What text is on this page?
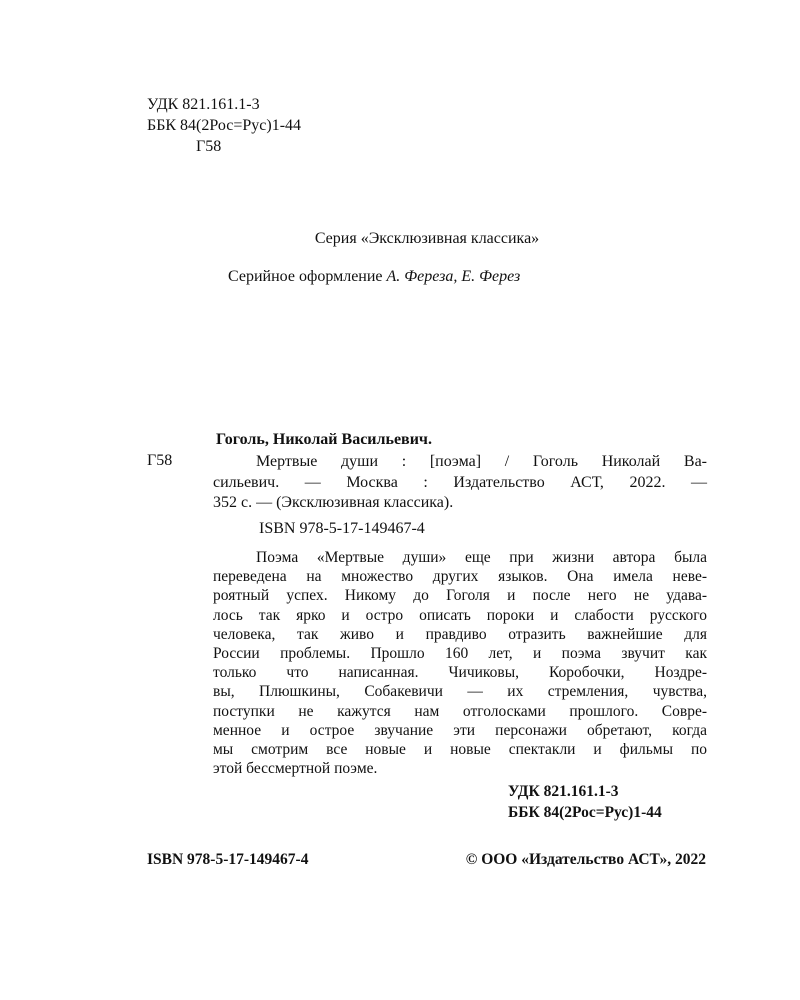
УДК 821.161.1-3
ББК 84(2Рос=Рус)1-44
Г58
Серия «Эксклюзивная классика»
Серийное оформление А. Фереза, Е. Ферез
Гоголь, Николай Васильевич.
Г58	Мертвые души : [поэма] / Гоголь Николай Ва-
сильевич. — Москва : Издательство АСТ, 2022. —
352 с. — (Эксклюзивная классика).
ISBN 978-5-17-149467-4
Поэма «Мертвые души» еще при жизни автора была
переведена на множество других языков. Она имела неве-
роятный успех. Никому до Гоголя и после него не удава-
лось так ярко и остро описать пороки и слабости русского
человека, так живо и правдиво отразить важнейшие для
России проблемы. Прошло 160 лет, и поэма звучит как
только что написанная. Чичиковы, Коробочки, Ноздре-
вы, Плюшкины, Собакевичи — их стремления, чувства,
поступки не кажутся нам отголосками прошлого. Совре-
менное и острое звучание эти персонажи обретают, когда
мы смотрим все новые и новые спектакли и фильмы по
этой бессмертной поэме.
УДК 821.161.1-3
ББК 84(2Рос=Рус)1-44
ISBN 978-5-17-149467-4	© ООО «Издательство АСТ», 2022
